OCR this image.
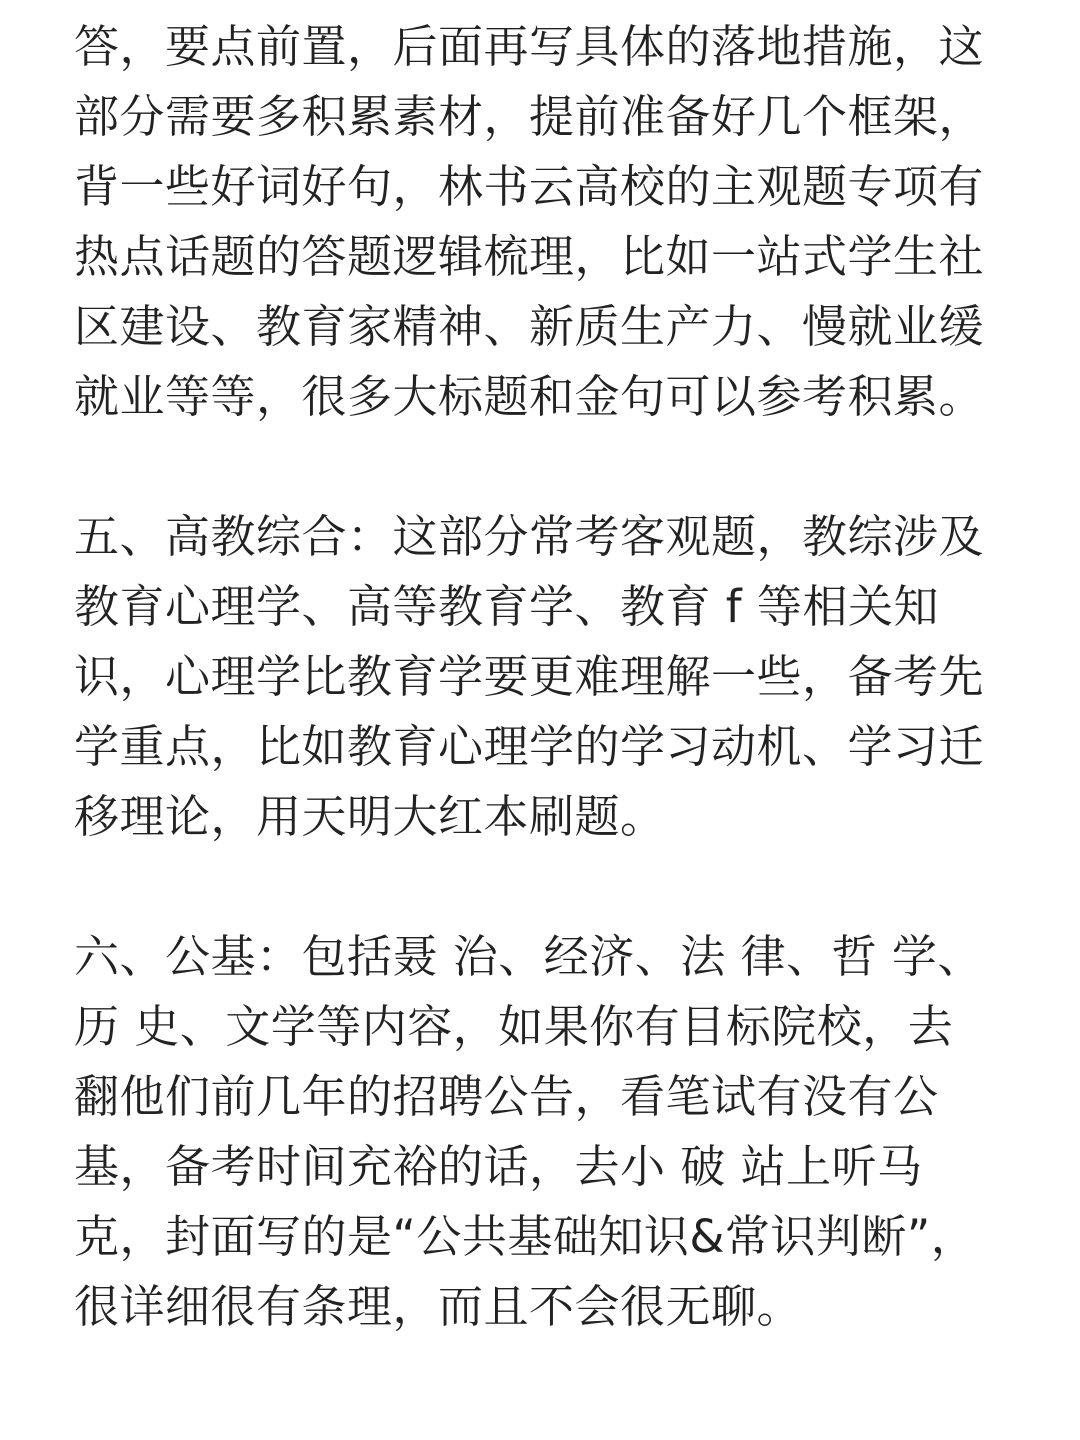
答，要点前置，后面再写具体的落地措施，这
部分需要多积累素材，提前准备好几个框架，
背一些好词好句，林书云高校的主观题专项有
热点话题的答题逻辑梳理，比如一站式学生社
区建设、教育家精神、新质生产力、慢就业缓
就业等等，很多大标题和金句可以参考积累。
五、高教综合：这部分常考客观题，教综涉及
教育心理学、高等教育学、教育 f 等相关知
识，心理学比教育学要更难理解一些，备考先
学重点，比如教育心理学的学习动机、学习迁
移理论，用天明大红本刷题。
六、公基：包括聂 治、经济、法 律、哲 学、
历 史、文学等内容，如果你有目标院校，去
翻他们前几年的招聘公告，看笔试有没有公
基，备考时间充裕的话，去小 破 站上听马
克，封面写的是“公共基础知识&常识判断”，
很详细很有条理，而且不会很无聊。
